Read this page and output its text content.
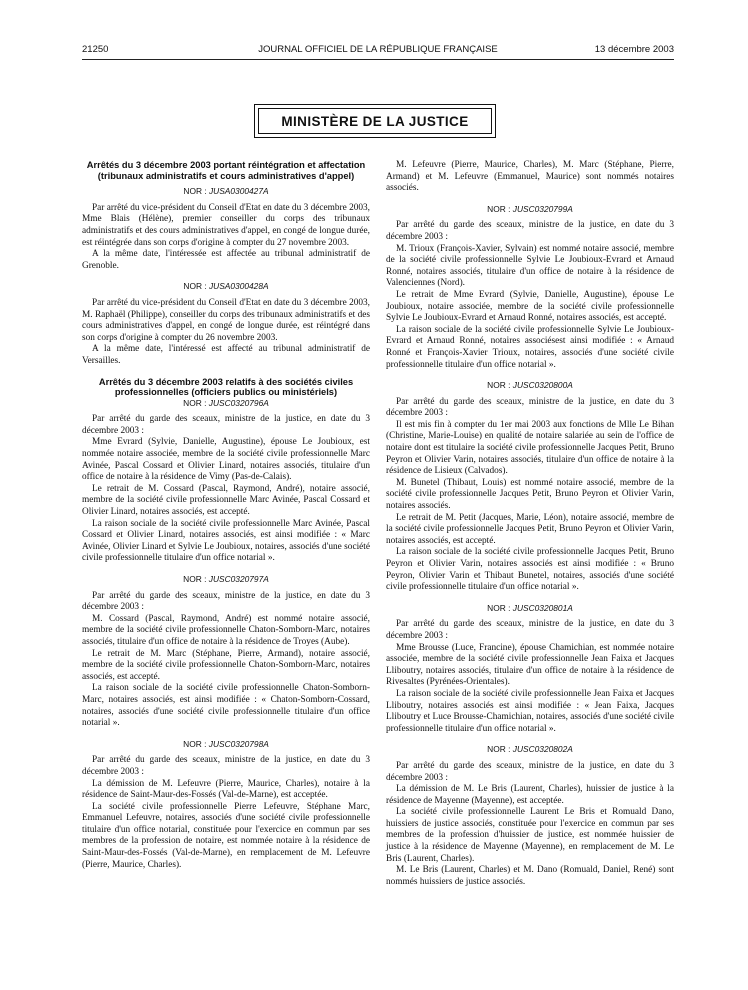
21250	JOURNAL OFFICIEL DE LA RÉPUBLIQUE FRANÇAISE	13 décembre 2003
MINISTÈRE DE LA JUSTICE
Arrêtés du 3 décembre 2003 portant réintégration et affectation (tribunaux administratifs et cours administratives d'appel)
NOR : JUSA0300427A

Par arrêté du vice-président du Conseil d'Etat en date du 3 décembre 2003, Mme Blais (Hélène), premier conseiller du corps des tribunaux administratifs et des cours administratives d'appel, en congé de longue durée, est réintégrée dans son corps d'origine à compter du 27 novembre 2003.

A la même date, l'intéressée est affectée au tribunal administratif de Grenoble.

NOR : JUSA0300428A

Par arrêté du vice-président du Conseil d'Etat en date du 3 décembre 2003, M. Raphaël (Philippe), conseiller du corps des tribunaux administratifs et des cours administratives d'appel, en congé de longue durée, est réintégré dans son corps d'origine à compter du 26 novembre 2003.

A la même date, l'intéressé est affecté au tribunal administratif de Versailles.

Arrêtés du 3 décembre 2003 relatifs à des sociétés civiles professionnelles (officiers publics ou ministériels)
NOR : JUSC0320796A

Par arrêté du garde des sceaux, ministre de la justice, en date du 3 décembre 2003 :

Mme Evrard (Sylvie, Danielle, Augustine), épouse Le Joubioux, est nommée notaire associée, membre de la société civile professionnelle Marc Avinée, Pascal Cossard et Olivier Linard, notaires associés, titulaire d'un office de notaire à la résidence de Vimy (Pas-de-Calais).

Le retrait de M. Cossard (Pascal, Raymond, André), notaire associé, membre de la société civile professionnelle Marc Avinée, Pascal Cossard et Olivier Linard, notaires associés, est accepté.

La raison sociale de la société civile professionnelle Marc Avinée, Pascal Cossard et Olivier Linard, notaires associés, est ainsi modifiée : « Marc Avinée, Olivier Linard et Sylvie Le Joubioux, notaires, associés d'une société civile professionnelle titulaire d'un office notarial ».

NOR : JUSC0320797A

Par arrêté du garde des sceaux, ministre de la justice, en date du 3 décembre 2003 :

M. Cossard (Pascal, Raymond, André) est nommé notaire associé, membre de la société civile professionnelle Chaton-Somborn-Marc, notaires associés, titulaire d'un office de notaire à la résidence de Troyes (Aube).

Le retrait de M. Marc (Stéphane, Pierre, Armand), notaire associé, membre de la société civile professionnelle Chaton-Somborn-Marc, notaires associés, est accepté.

La raison sociale de la société civile professionnelle Chaton-Somborn-Marc, notaires associés, est ainsi modifiée : « Chaton-Somborn-Cossard, notaires, associés d'une société civile professionnelle titulaire d'un office notarial ».

NOR : JUSC0320798A

Par arrêté du garde des sceaux, ministre de la justice, en date du 3 décembre 2003 :

La démission de M. Lefeuvre (Pierre, Maurice, Charles), notaire à la résidence de Saint-Maur-des-Fossés (Val-de-Marne), est acceptée.

La société civile professionnelle Pierre Lefeuvre, Stéphane Marc, Emmanuel Lefeuvre, notaires, associés d'une société civile professionnelle titulaire d'un office notarial, constituée pour l'exercice en commun par ses membres de la profession de notaire, est nommée notaire à la résidence de Saint-Maur-des-Fossés (Val-de-Marne), en remplacement de M. Lefeuvre (Pierre, Maurice, Charles).

M. Lefeuvre (Pierre, Maurice, Charles), M. Marc (Stéphane, Pierre, Armand) et M. Lefeuvre (Emmanuel, Maurice) sont nommés notaires associés.

NOR : JUSC0320799A

Par arrêté du garde des sceaux, ministre de la justice, en date du 3 décembre 2003 :

M. Trioux (François-Xavier, Sylvain) est nommé notaire associé, membre de la société civile professionnelle Sylvie Le Joubioux-Evrard et Arnaud Ronné, notaires associés, titulaire d'un office de notaire à la résidence de Valenciennes (Nord).

Le retrait de Mme Evrard (Sylvie, Danielle, Augustine), épouse Le Joubioux, notaire associée, membre de la société civile professionnelle Sylvie Le Joubioux-Evrard et Arnaud Ronné, notaires associés, est accepté.

La raison sociale de la société civile professionnelle Sylvie Le Joubioux-Evrard et Arnaud Ronné, notaires associésest ainsi modifiée : « Arnaud Ronné et François-Xavier Trioux, notaires, associés d'une société civile professionnelle titulaire d'un office notarial ».

NOR : JUSC0320800A

Par arrêté du garde des sceaux, ministre de la justice, en date du 3 décembre 2003 :

Il est mis fin à compter du 1er mai 2003 aux fonctions de Mlle Le Bihan (Christine, Marie-Louise) en qualité de notaire salariée au sein de l'office de notaire dont est titulaire la société civile professionnelle Jacques Petit, Bruno Peyron et Olivier Varin, notaires associés, titulaire d'un office de notaire à la résidence de Lisieux (Calvados).

M. Bunetel (Thibaut, Louis) est nommé notaire associé, membre de la société civile professionnelle Jacques Petit, Bruno Peyron et Olivier Varin, notaires associés.

Le retrait de M. Petit (Jacques, Marie, Léon), notaire associé, membre de la société civile professionnelle Jacques Petit, Bruno Peyron et Olivier Varin, notaires associés, est accepté.

La raison sociale de la société civile professionnelle Jacques Petit, Bruno Peyron et Olivier Varin, notaires associés est ainsi modifiée : « Bruno Peyron, Olivier Varin et Thibaut Bunetel, notaires, associés d'une société civile professionnelle titulaire d'un office notarial ».

NOR : JUSC0320801A

Par arrêté du garde des sceaux, ministre de la justice, en date du 3 décembre 2003 :

Mme Brousse (Luce, Francine), épouse Chamichian, est nommée notaire associée, membre de la société civile professionnelle Jean Faixa et Jacques Lliboutry, notaires associés, titulaire d'un office de notaire à la résidence de Rivesaltes (Pyrénées-Orientales).

La raison sociale de la société civile professionnelle Jean Faixa et Jacques Lliboutry, notaires associés est ainsi modifiée : « Jean Faixa, Jacques Lliboutry et Luce Brousse-Chamichian, notaires, associés d'une société civile professionnelle titulaire d'un office notarial ».

NOR : JUSC0320802A

Par arrêté du garde des sceaux, ministre de la justice, en date du 3 décembre 2003 :

La démission de M. Le Bris (Laurent, Charles), huissier de justice à la résidence de Mayenne (Mayenne), est acceptée.

La société civile professionnelle Laurent Le Bris et Romuald Dano, huissiers de justice associés, constituée pour l'exercice en commun par ses membres de la profession d'huissier de justice, est nommée huissier de justice à la résidence de Mayenne (Mayenne), en remplacement de M. Le Bris (Laurent, Charles).

M. Le Bris (Laurent, Charles) et M. Dano (Romuald, Daniel, René) sont nommés huissiers de justice associés.
